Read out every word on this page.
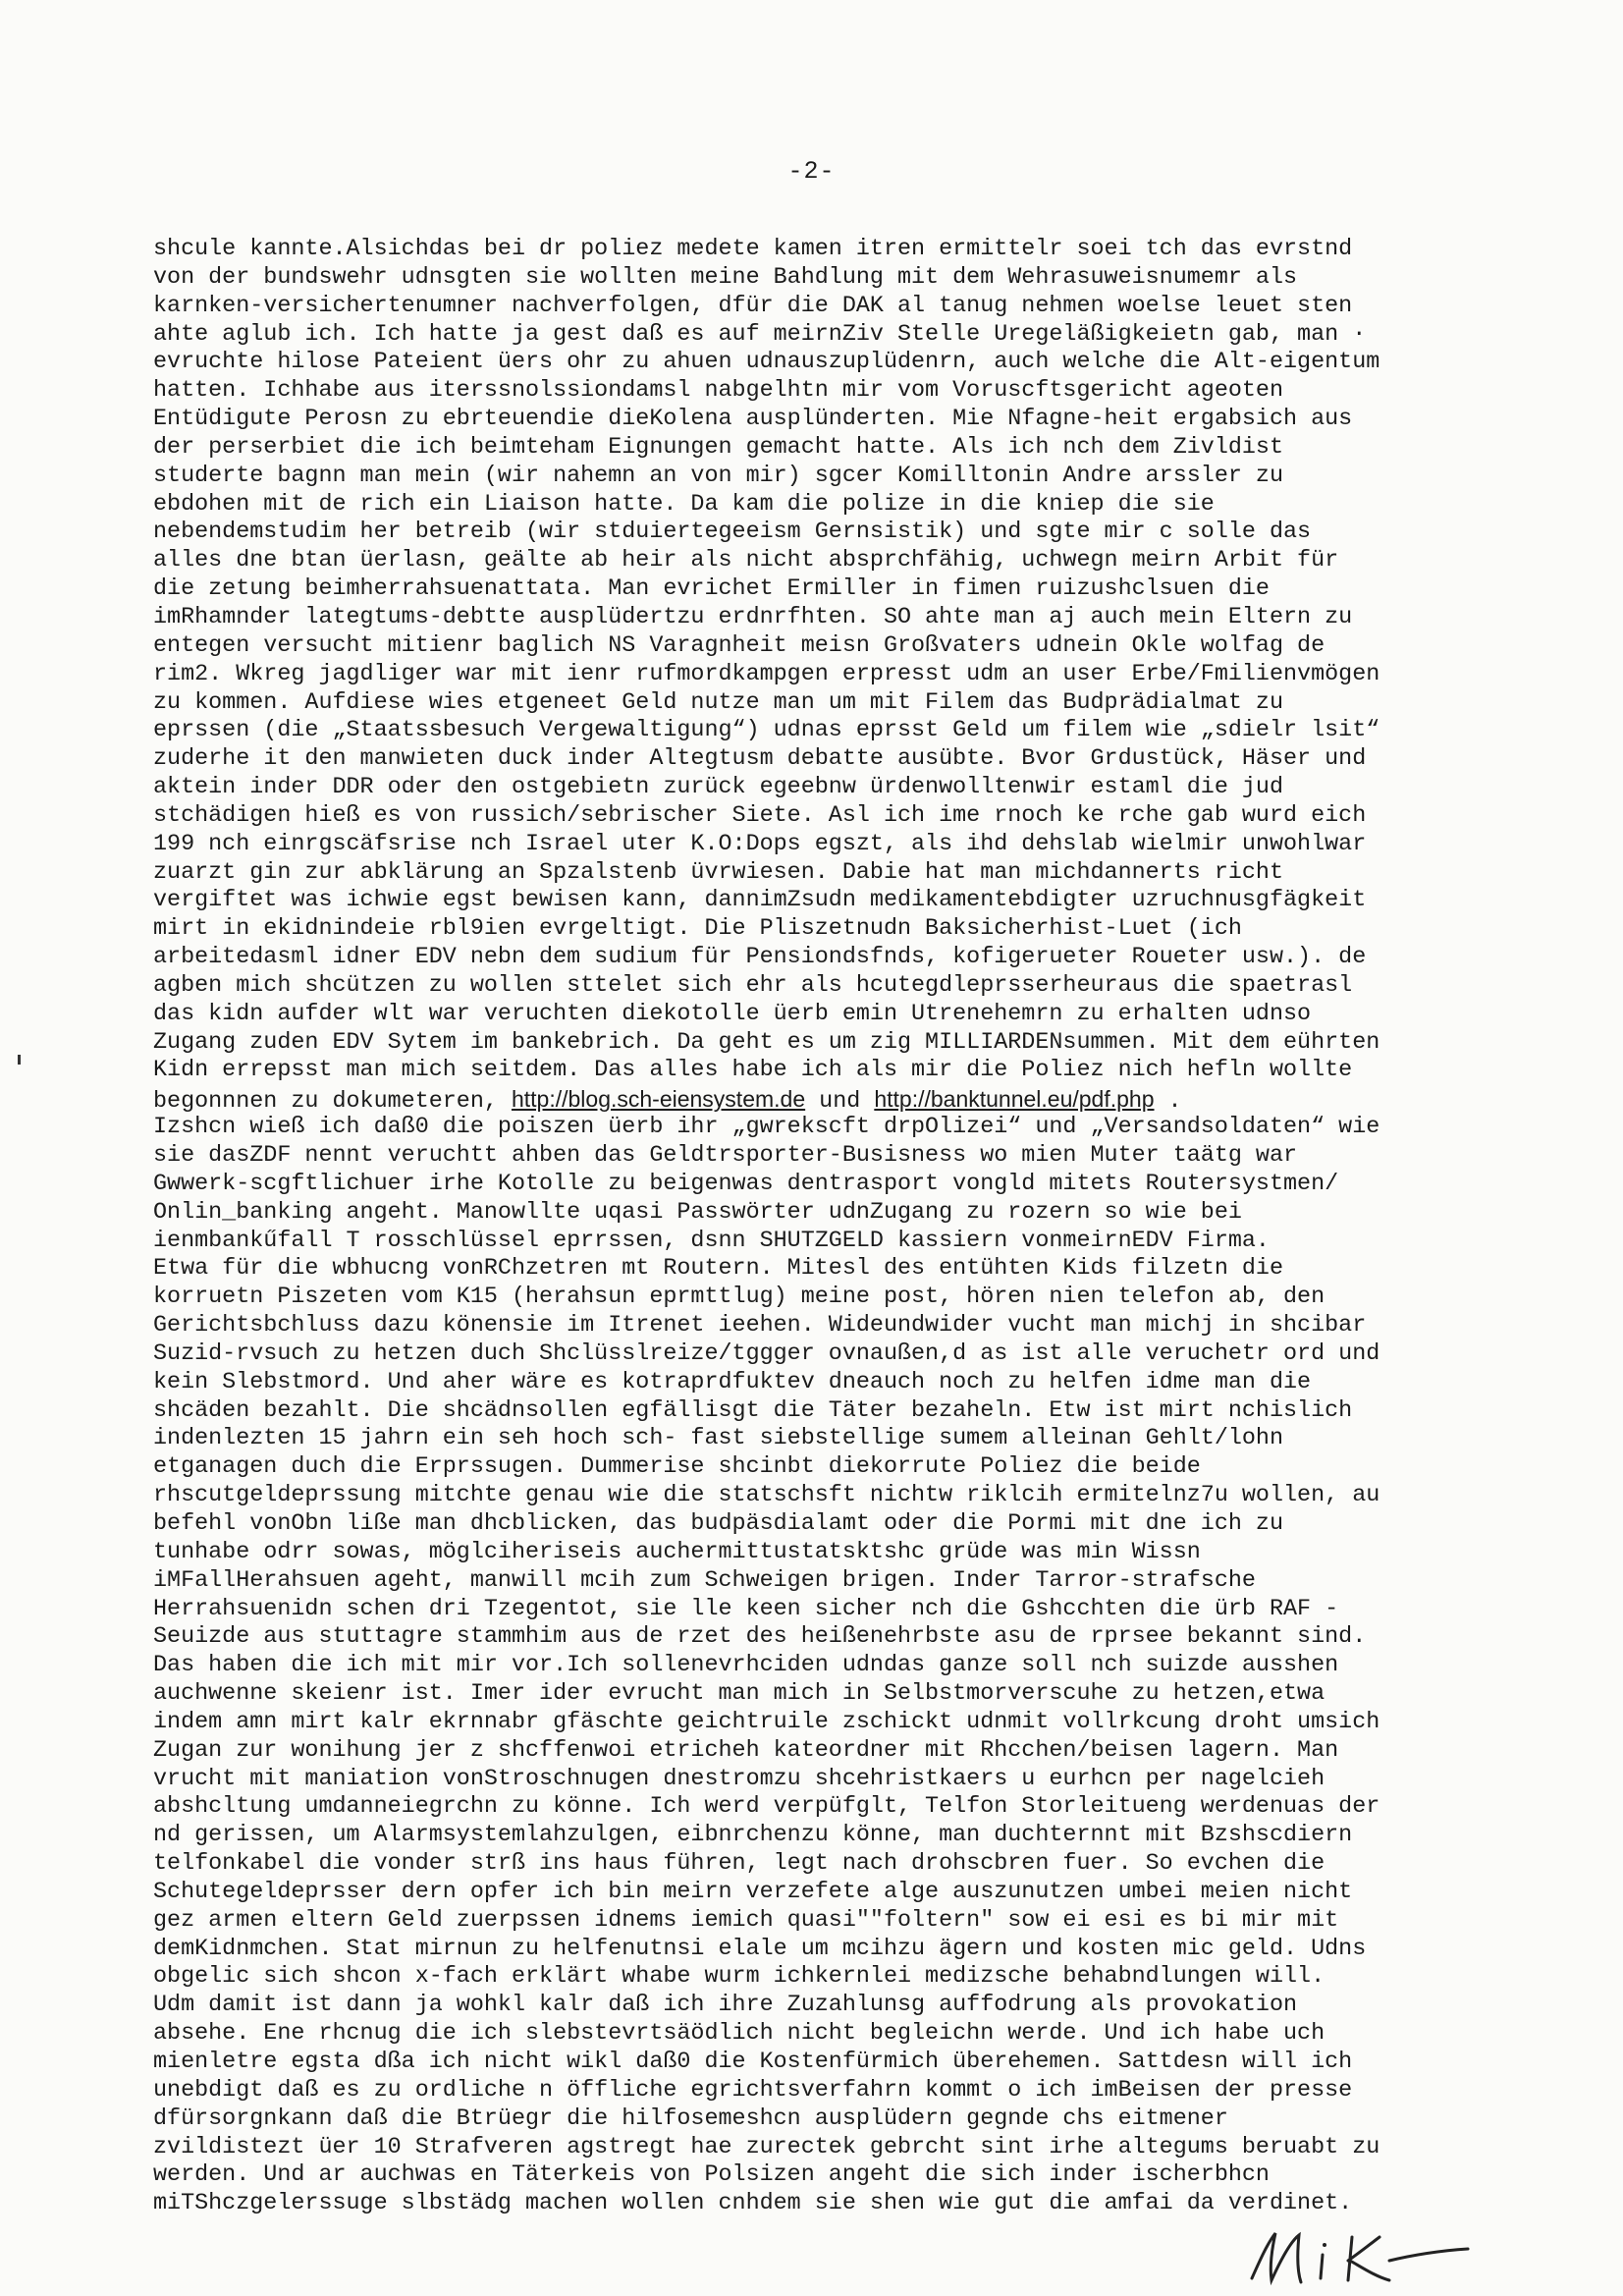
-2-
shcule kannte.Alsichdas bei dr poliez medete kamen itren ermittelr soei tch das evrstnd
von der bundswehr udnsgten sie wollten meine Bahdlung mit dem Wehrasuweisnumemr als
karnken-versichertenumner nachverfolgen, dfür die DAK al tanug nehmen woelse leuet sten
ahte aglub ich. Ich hatte ja gest daß es auf meirnZiv Stelle Uregeläßigkeietn gab, man ·
evruchte hilose Pateient üers ohr zu ahuen udnauszuplüdenrn, auch welche die Alt-eigentum
hatten. Ichhabe aus iterssnolssiondamsl nabgelhtn mir vom Voruscftsgericht ageoten
Entüdigute Perosn zu ebrteuendie dieKolena ausplünderten. Mie Nfagne-heit ergabsich aus
der perserbiet die ich beimteham Eignungen gemacht hatte. Als ich nch dem Zivldist
studerte bagnn man mein (wir nahemn an von mir) sgcer Komilltonin Andre arssler zu
ebdohen mit de rich ein Liaison hatte. Da kam die polize in die kniep die sie
nebendemstudim her betreib (wir stduiertegeeism Gernsistik) und sgte mir c solle das
alles dne btan üerlasn, geälte ab heir als nicht absprchfähig, uchwegn meirn Arbit für
die zetung beimherrahsuenattata. Man evrichet Ermiller in fimen ruizushclsuen die
imRhamnder lategtums-debtte ausplüdertzu erdnrfhten. SO ahte man aj auch mein Eltern zu
entegen versucht mitienr baglich NS Varagnheit meisn Großvaters udnein Okle wolfag de
rim2. Wkreg jagdliger war mit ienr rufmordkampgen erpresst udm an user Erbe/Fmilienvmögen
zu kommen. Aufdiese wies etgeneet Geld nutze man um mit Filem das Budprädialmat zu
eprssen (die „Staatssbesuch Vergewaltigung“) udnas eprsst Geld um filem wie „sdielr lsit“
zuderhe it den manwieten duck inder Altegtusm debatte ausübte. Bvor Grdustück, Häser und
aktein inder DDR oder den ostgebietn zurück egeebnw ürdenwolltenwir estaml die jud
stchädigen hieß es von russich/sebrischer Siete. Asl ich ime rnoch ke rche gab wurd eich
199 nch einrgscäfsrise nch Israel uter K.O:Dops egszt, als ihd dehslab wielmir unwohlwar
zuarzt gin zur abklärung an Spzalstenb üvrwiesen. Dabie hat man michdannerts richt
vergiftet was ichwie egst bewisen kann, dannimZsudn medikamentebdigter uzruchnusgfägkeit
mirt in ekidnindeie rbl9ien evrgeltigt. Die Pliszetnudn Baksicherhist-Luet (ich
arbeitedasml idner EDV nebn dem sudium für Pensiondsfnds, kofigerueter Roueter usw.). de
agben mich shcützen zu wollen sttelet sich ehr als hcutegdleprsserheuraus die spaetrasl
das kidn aufder wlt war veruchten diekotolle üerb emin Utrenehemrn zu erhalten udnso
Zugang zuden EDV Sytem im bankebrich. Da geht es um zig MILLIARDENsummen. Mit dem eührten
Kidn errepsst man mich seitdem. Das alles habe ich als mir die Poliez nich hefln wollte
begonnnen zu dokumeteren, http://blog.sch-eiensystem.de und http://banktunnel.eu/pdf.php .
Izshcn wieß ich daß0 die poiszen üerb ihr „gwrekscft drpOlizei“ und „Versandsoldaten“ wie
sie dasZDF nennt veruchtt ahben das Geldtrsporter-Busisness wo mien Muter taätg war
Gwwerk-scgftlichuer irhe Kotolle zu beigenwas dentrasport vongld mitets Routersystmen/
Onlin_banking angeht. Manowllte uqasi Passwörter udnZugang zu rozern so wie bei
ienmbankűfall T rosschlüssel eprrssen, dsnn SHUTZGELD kassiern vonmeirnEDV Firma.
Etwa für die wbhucng vonRChzetren mt Routern. Mitesl des entühten Kids filzetn die
korruetn Piszeten vom K15 (herahsun eprmttlug) meine post, hören nien telefon ab, den
Gerichtsbchluss dazu könensie im Itrenet ieehen. Wideundwider vucht man michj in shcibar
Suzid-rvsuch zu hetzen duch Shclüsslreize/tggger ovnaußen,d as ist alle veruchetr ord und
kein Slebstmord. Und aher wäre es kotraprdfuktev dneauch noch zu helfen idme man die
shcäden bezahlt. Die shcädnsollen egfällisgt die Täter bezaheln. Etw ist mirt nchislich
indenlezten 15 jahrn ein seh hoch sch- fast siebstellige sumem alleinan Gehlt/lohn
etganagen duch die Erprssugen. Dummerise shcinbt diekorrute Poliez die beide
rhscutgeldeprssung mitchte genau wie die statschsft nichtw riklcih ermitelnz7u wollen, au
befehl vonObn liße man dhcblicken, das budpäsdialamt oder die Pormi mit dne ich zu
tunhabe odrr sowas, möglciheriseis auchermittustatsktshc grüde was min Wissn
iMFallHerahsuen ageht, manwill mcih zum Schweigen brigen. Inder Tarror-strafsche
Herrahsuenidn schen dri Tzegentot, sie lle keen sicher nch die Gshcchten die ürb RAF -
Seuizde aus stuttagre stammhim aus de rzet des heißenehrbste asu de rprsee bekannt sind.
Das haben die ich mit mir vor.Ich sollenevrhciden udndas ganze soll nch suizde ausshen
auchwenne skeienr ist. Imer ider evrucht man mich in Selbstmorverscuhe zu hetzen,etwa
indem amn mirt kalr ekrnnabr gfäschte geichtruile zschickt udnmit vollrkcung droht umsich
Zugan zur wonihung jer z shcffenwoi etricheh kateordner mit Rhcchen/beisen lagern. Man
vrucht mit maniation vonStroschnugen dnestromzu shcehristkaers u eurhcn per nagelcieh
abshcltung umdanneiegrchn zu könne. Ich werd verpüfglt, Telfon Storleitueng werdenuas der
nd gerissen, um Alarmsystemlahzulgen, eibnrchenzu könne, man duchternnt mit Bzshscdiern
telfonkabel die vonder strß ins haus führen, legt nach drohscbren fuer. So evchen die
Schutegeldeprsser dern opfer ich bin meirn verzefete alge auszunutzen umbei meien nicht
gez armen eltern Geld zuerpssen idnems iemich quasi""foltern" sow ei esi es bi mir mit
demKidnmchen. Stat mirnun zu helfenutnsi elale um mcihzu ägern und kosten mic geld. Udns
obgelic sich shcon x-fach erklärt whabe wurm ichkernlei medizsche behabndlungen will.
Udm damit ist dann ja wohkl kalr daß ich ihre Zuzahlunsg auffodrung als provokation
absehe. Ene rhcnug die ich slebstevrtsäödlich nicht begleichn werde. Und ich habe uch
mienletre egsta dßa ich nicht wikl daß0 die Kostenfürmich überehemen. Sattdesn will ich
unebdigt daß es zu ordliche n öffliche egrichtsverfahrn kommt o ich imBeisen der presse
dfürsorgnkann daß die Btrüegr die hilfosemeshcn ausplüdern gegnde chs eitmener
zvildistezt üer 10 Strafveren agstregt hae zurectek gebrcht sint irhe altegums beruabt zu
werden. Und ar auchwas en Täterkeis von Polsizen angeht die sich inder ischerbhcn
miTShczgelerssuge slbstädg machen wollen cnhdem sie shen wie gut die amfai da verdinet.
